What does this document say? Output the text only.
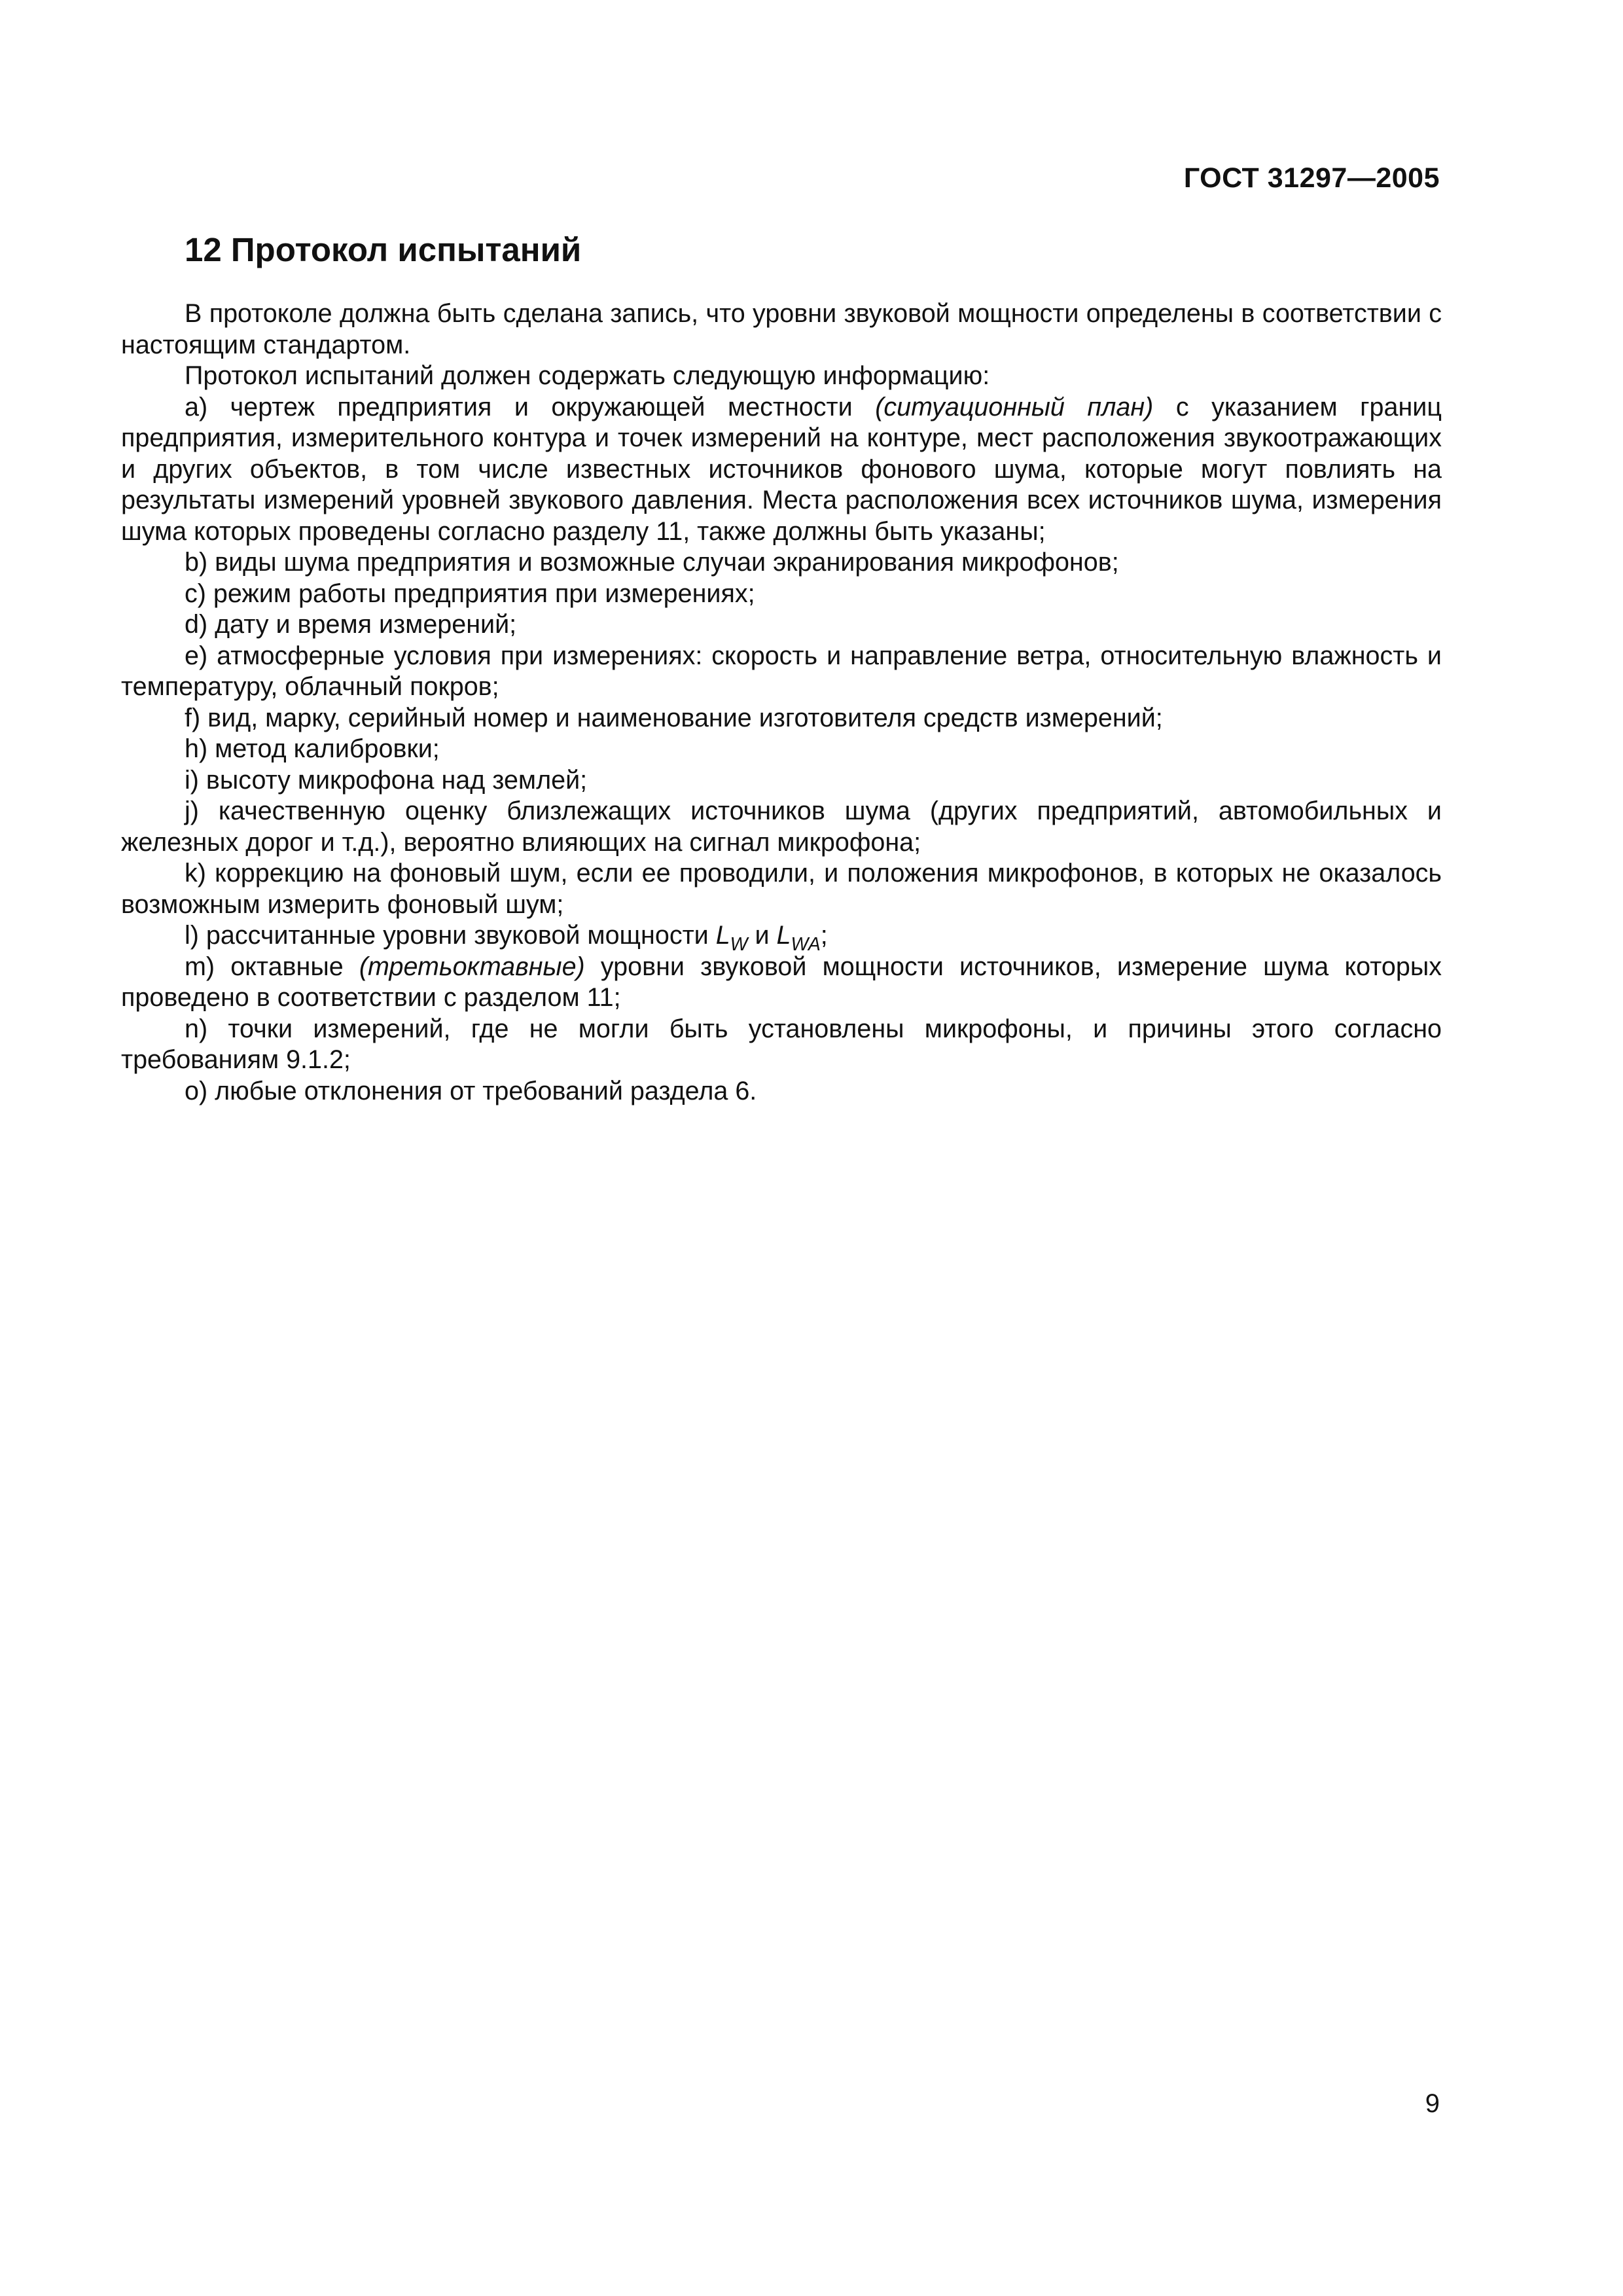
ГОСТ 31297—2005
12 Протокол испытаний

В протоколе должна быть сделана запись, что уровни звуковой мощности определены в соответствии с настоящим стандартом.

Протокол испытаний должен содержать следующую информацию:

а) чертеж предприятия и окружающей местности (ситуационный план) с указанием границ предприятия, измерительного контура и точек измерений на контуре, мест расположения звукоотражающих и других объектов, в том числе известных источников фонового шума, которые могут повлиять на результаты измерений уровней звукового давления. Места расположения всех источников шума, измерения шума которых проведены согласно разделу 11, также должны быть указаны;

b) виды шума предприятия и возможные случаи экранирования микрофонов;

с) режим работы предприятия при измерениях;

d) дату и время измерений;

е) атмосферные условия при измерениях: скорость и направление ветра, относительную влажность и температуру, облачный покров;

f) вид, марку, серийный номер и наименование изготовителя средств измерений;

h) метод калибровки;

i) высоту микрофона над землей;

j) качественную оценку близлежащих источников шума (других предприятий, автомобильных и железных дорог и т.д.), вероятно влияющих на сигнал микрофона;

k) коррекцию на фоновый шум, если ее проводили, и положения микрофонов, в которых не оказалось возможным измерить фоновый шум;

l) рассчитанные уровни звуковой мощности $L_W$ и $L_{WA}$;

m) октавные (третьоктавные) уровни звуковой мощности источников, измерение шума которых проведено в соответствии с разделом 11;

n) точки измерений, где не могли быть установлены микрофоны, и причины этого согласно требованиям 9.1.2;

о) любые отклонения от требований раздела 6.

9
